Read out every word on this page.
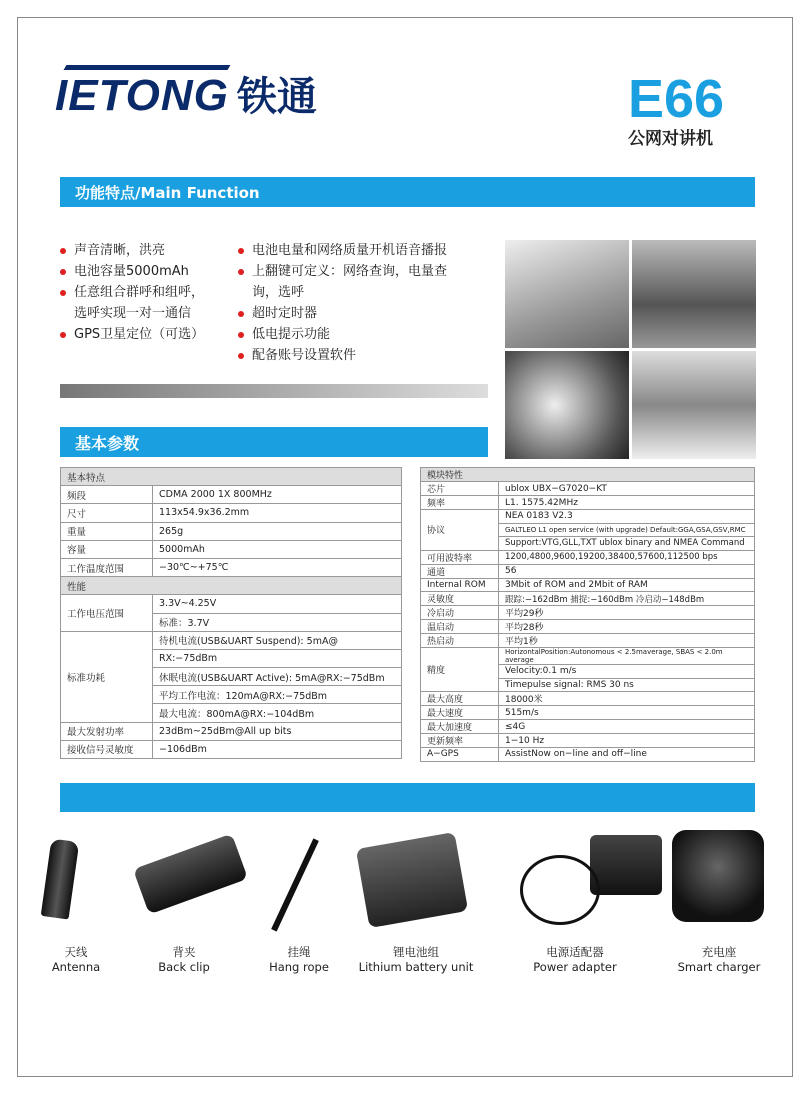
IETONG 铁通	E66
公网对讲机
功能特点/Main Function
声音清晰，洪亮
电池容量5000mAh
任意组合群呼和组呼，
选呼实现一对一通信
GPS卫星定位（可选）
电池电量和网络质量开机语音播报
上翻键可定义：网络查询，电量查
询，选呼
超时定时器
低电提示功能
配备账号设置软件
基本参数
基本特点	
频段	CDMA 2000 1X 800MHz
尺寸	113x54.9x36.2mm
重量	265g
容量	5000mAh
工作温度范围	−30℃~+75℃
性能	
工作电压范围	3.3V~4.25V
	标准：3.7V
标准功耗	待机电流(USB&UART Suspend): 5mA@
	RX:−75dBm
	休眠电流(USB&UART Active): 5mA@RX:−75dBm
	平均工作电流：120mA@RX:−75dBm
	最大电流：800mA@RX:−104dBm
最大发射功率	23dBm~25dBm@All up bits
接收信号灵敏度	−106dBm
模块特性	
芯片	ublox UBX−G7020−KT
频率	L1. 1575.42MHz
协议	NEA 0183 V2.3
	GALTLEO L1 open service (with upgrade) Default:GGA,GSA,GSV,RMC
	Support:VTG,GLL,TXT ublox binary and NMEA Command
可用波特率	1200,4800,9600,19200,38400,57600,112500 bps
通道	56
Internal ROM	3Mbit of ROM and 2Mbit of RAM
灵敏度	跟踪:−162dBm 捕捉:−160dBm 冷启动−148dBm
冷启动	平均29秒
温启动	平均28秒
热启动	平均1秒
精度	HorizontalPosition:Autonomous < 2.5maverage, SBAS < 2.0m average
	Velocity:0.1 m/s
	Timepulse signal: RMS 30 ns
最大高度	18000米
最大速度	515m/s
最大加速度	≤4G
更新频率	1−10 Hz
A−GPS	AssistNow on−line and off−line
天线
Antenna
背夹
Back clip
挂绳
Hang rope
锂电池组
Lithium battery unit
电源适配器
Power adapter
充电座
Smart charger
